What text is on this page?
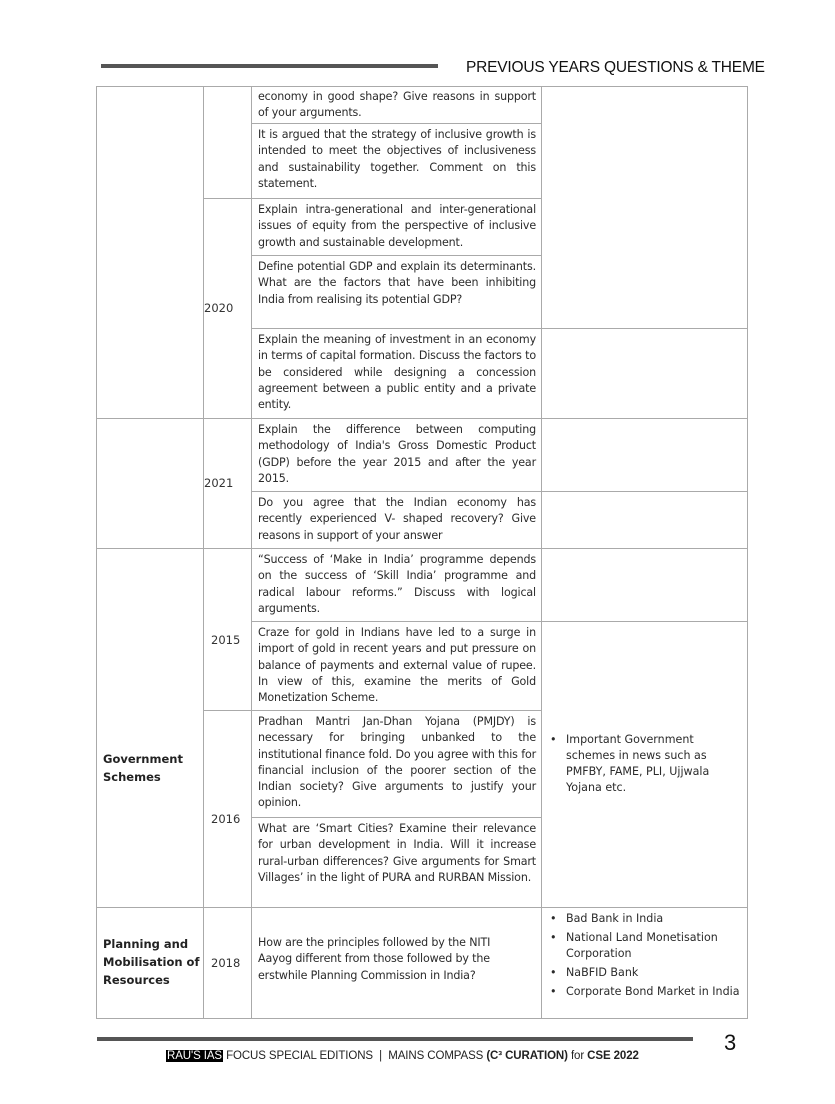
PREVIOUS YEARS QUESTIONS & THEME
economy in good shape? Give reasons in support of your arguments.
It is argued that the strategy of inclusive growth is intended to meet the objectives of inclusiveness and sustainability together. Comment on this statement.
Explain intra-generational and inter-generational issues of equity from the perspective of inclusive growth and sustainable development.
Define potential GDP and explain its determinants. What are the factors that have been inhibiting India from realising its potential GDP?
Explain the meaning of investment in an economy in terms of capital formation. Discuss the factors to be considered while designing a concession agreement between a public entity and a private entity.
Explain the difference between computing methodology of India's Gross Domestic Product (GDP) before the year 2015 and after the year 2015.
Do you agree that the Indian economy has recently experienced V- shaped recovery? Give reasons in support of your answer
“Success of ‘Make in India’ programme depends on the success of ‘Skill India’ programme and radical labour reforms.” Discuss with logical arguments.
Craze for gold in Indians have led to a surge in import of gold in recent years and put pressure on balance of payments and external value of rupee. In view of this, examine the merits of Gold Monetization Scheme.
Pradhan Mantri Jan-Dhan Yojana (PMJDY) is necessary for bringing unbanked to the institutional finance fold. Do you agree with this for financial inclusion of the poorer section of the Indian society? Give arguments to justify your opinion.
What are ‘Smart Cities? Examine their relevance for urban development in India. Will it increase rural-urban differences? Give arguments for Smart Villages’ in the light of PURA and RURBAN Mission.
How are the principles followed by the NITI Aayog different from those followed by the erstwhile Planning Commission in India?
2020
2021
2015
2016
2018
Government
Schemes
Planning and
Mobilisation of
Resources
• Important Government schemes in news such as PMFBY, FAME, PLI, Ujjwala Yojana etc.
• Bad Bank in India
• National Land Monetisation Corporation
• NaBFID Bank
• Corporate Bond Market in India
3
RAU'S IAS FOCUS SPECIAL EDITIONS  |  MAINS COMPASS (C³ CURATION) for CSE 2022
